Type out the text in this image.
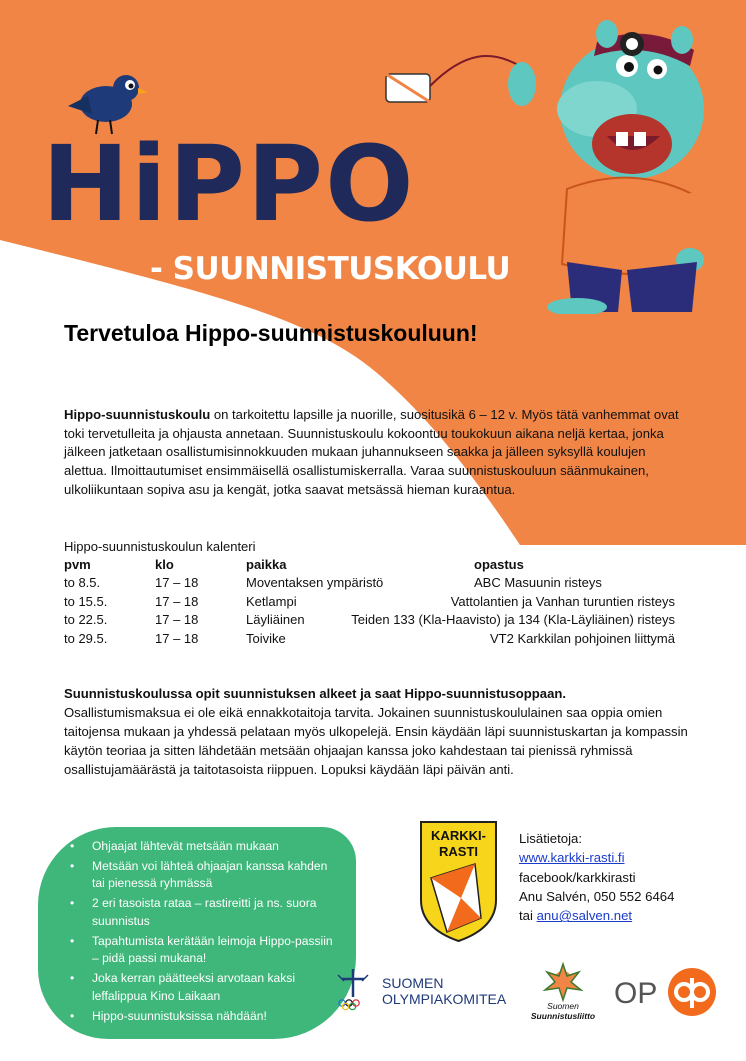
HiPPO
- SUUNNISTUSKOULU
Tervetuloa Hippo-suunnistuskouluun!
Hippo-suunnistuskoulu on tarkoitettu lapsille ja nuorille, suositusikä 6 – 12 v. Myös tätä vanhemmat ovat toki tervetulleita ja ohjausta annetaan. Suunnistuskoulu kokoontuu toukokuun aikana neljä kertaa, jonka jälkeen jatketaan osallistumisinnokkuuden mukaan juhannukseen saakka ja jälleen syksyllä koulujen alettua. Ilmoittautumiset ensimmäisellä osallistumiskerralla. Varaa suunnistuskouluun säänmukainen, ulkoliikuntaan sopiva asu ja kengät, jotka saavat metsässä hieman kuraantua.
Hippo-suunnistuskoulun kalenteri
pvm	klo	paikka	opastus
to 8.5.	17 – 18	Moventaksen ympäristö	ABC Masuunin risteys
to 15.5.	17 – 18	Ketlampi	Vattolantien ja Vanhan turuntien risteys
to 22.5.	17 – 18	Läyliäinen	Teiden 133 (Kla-Haavisto) ja 134 (Kla-Läyliäinen) risteys
to 29.5.	17 – 18	Toivike	VT2 Karkkilan pohjoinen liittymä
Suunnistuskoulussa opit suunnistuksen alkeet ja saat Hippo-suunnistusoppaan.
Osallistumismaksua ei ole eikä ennakkotaitoja tarvita. Jokainen suunnistuskoululainen saa oppia omien taitojensa mukaan ja yhdessä pelataan myös ulkopelejä. Ensin käydään läpi suunnistuskartan ja kompassin käytön teoriaa ja sitten lähdetään metsään ohjaajan kanssa joko kahdestaan tai pienissä ryhmissä osallistujamäärästä ja taitotasoista riippuen. Lopuksi käydään läpi päivän anti.
• Ohjaajat lähtevät metsään mukaan
• Metsään voi lähteä ohjaajan kanssa kahden tai pienessä ryhmässä
• 2 eri tasoista rataa – rastireitti ja ns. suora suunnistus
• Tapahtumista kerätään leimoja Hippo-passiin – pidä passi mukana!
• Joka kerran päätteeksi arvotaan kaksi leffalippua Kino Laikaan
• Hippo-suunnistuksissa nähdään!
KARKKI-
RASTI
Lisätietoja:
www.karkki-rasti.fi
facebook/karkkirasti
Anu Salvén, 050 552 6464
tai anu@salven.net
SUOMEN
OLYMPIAKOMITEA	Suomen
Suunnistusliitto
OP
